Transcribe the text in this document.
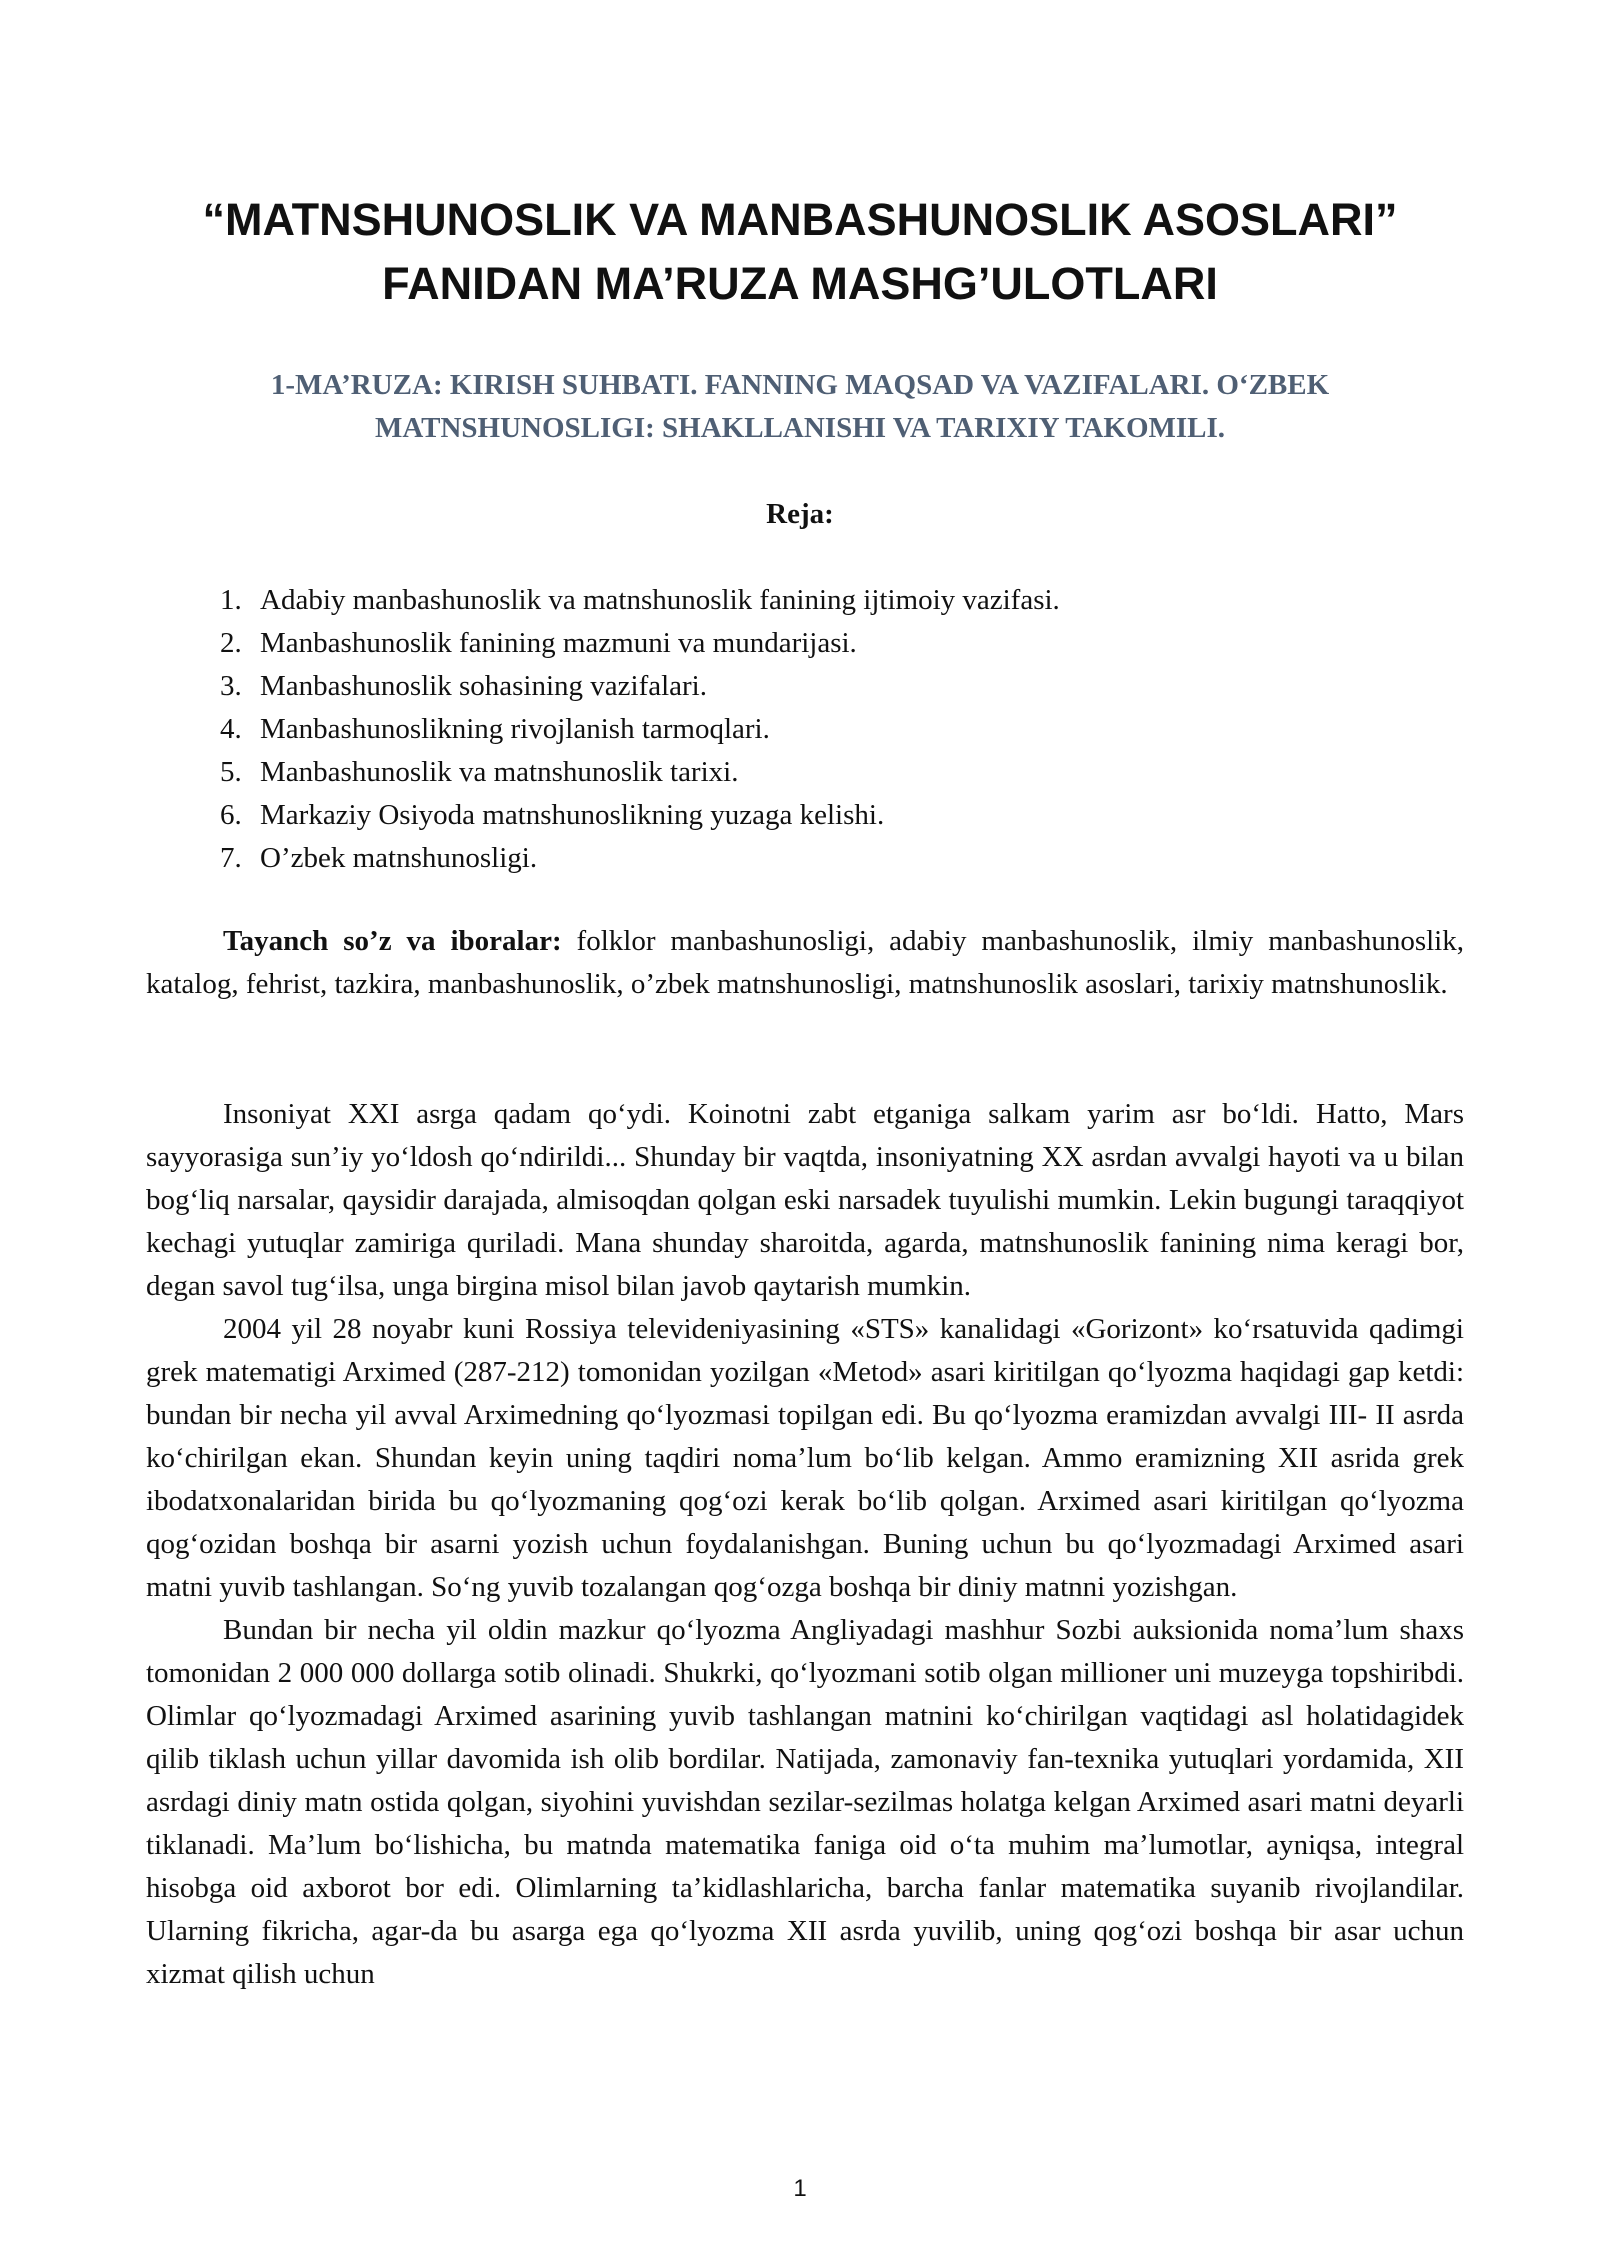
“MATNSHUNOSLIK VA MANBASHUNOSLIK ASOSLARI”
FANIDAN MA’RUZA MASHG’ULOTLARI
1-MA’RUZA: KIRISH SUHBATI. FANNING MAQSAD VA VAZIFALARI. O‘ZBEK
MATNSHUNOSLIGI: SHAKLLANISHI VA TARIXIY TAKOMILI.
Reja:
1. Adabiy manbashunoslik va matnshunoslik fanining ijtimoiy vazifasi.
2. Manbashunoslik fanining mazmuni va mundarijasi.
3. Manbashunoslik sohasining vazifalari.
4. Manbashunoslikning rivojlanish tarmoqlari.
5. Manbashunoslik va matnshunoslik tarixi.
6. Markaziy Osiyoda matnshunoslikning yuzaga kelishi.
7. O’zbek matnshunosligi.

Tayanch so’z va iboralar: folklor manbashunosligi, adabiy manbashunoslik, ilmiy manbashunoslik, katalog, fehrist, tazkira, manbashunoslik, o’zbek matnshunosligi, matnshunoslik asoslari, tarixiy matnshunoslik.

Insoniyat XXI asrga qadam qo‘ydi. Koinotni zabt etganiga salkam yarim asr bo‘ldi. Hatto, Mars sayyorasiga sun’iy yo‘ldosh qo‘ndirildi... Shunday bir vaqtda, insoniyatning XX asrdan avvalgi hayoti va u bilan bog‘liq narsalar, qaysidir darajada, almisoqdan qolgan eski narsadek tuyulishi mumkin. Lekin bugungi taraqqiyot kechagi yutuqlar zamiriga quriladi. Mana shunday sharoitda, agarda, matnshunoslik fanining nima keragi bor, degan savol tug‘ilsa, unga birgina misol bilan javob qaytarish mumkin.

2004 yil 28 noyabr kuni Rossiya televideniyasining «STS» kanalidagi «Gorizont» ko‘rsatuvida qadimgi grek matematigi Arximed (287-212) tomonidan yozilgan «Metod» asari kiritilgan qo‘lyozma haqidagi gap ketdi: bundan bir necha yil avval Arximedning qo‘lyozmasi topilgan edi. Bu qo‘lyozma eramizdan avvalgi III- II asrda ko‘chirilgan ekan. Shundan keyin uning taqdiri noma’lum bo‘lib kelgan. Ammo eramizning XII asrida grek ibodatxonalaridan birida bu qo‘lyozmaning qog‘ozi kerak bo‘lib qolgan. Arximed asari kiritilgan qo‘lyozma qog‘ozidan boshqa bir asarni yozish uchun foydalanishgan. Buning uchun bu qo‘lyozmadagi Arximed asari matni yuvib tashlangan. So‘ng yuvib tozalangan qog‘ozga boshqa bir diniy matnni yozishgan.

Bundan bir necha yil oldin mazkur qo‘lyozma Angliyadagi mashhur Sozbi auksionida noma’lum shaxs tomonidan 2 000 000 dollarga sotib olinadi. Shukrki, qo‘lyozmani sotib olgan millioner uni muzeyga topshiribdi. Olimlar qo‘lyozmadagi Arximed asarining yuvib tashlangan matnini ko‘chirilgan vaqtidagi asl holatidagidek qilib tiklash uchun yillar davomida ish olib bordilar. Natijada, zamonaviy fan-texnika yutuqlari yordamida, XII asrdagi diniy matn ostida qolgan, siyohini yuvishdan sezilar-sezilmas holatga kelgan Arximed asari matni deyarli tiklanadi. Ma’lum bo‘lishicha, bu matnda matematika faniga oid o‘ta muhim ma’lumotlar, ayniqsa, integral hisobga oid axborot bor edi. Olimlarning ta’kidlashlaricha, barcha fanlar matematika suyanib rivojlandilar. Ularning fikricha, agar-da bu asarga ega qo‘lyozma XII asrda yuvilib, uning qog‘ozi boshqa bir asar uchun xizmat qilish uchun

1
